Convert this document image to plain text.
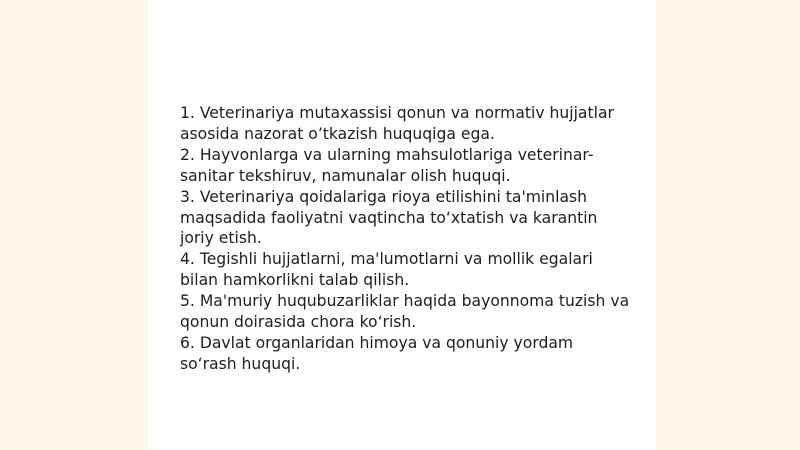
1. Veterinariya mutaxassisi qonun va normativ hujjatlar asosida nazorat o’tkazish huquqiga ega.
2. Hayvonlarga va ularning mahsulotlariga veterinar-sanitar tekshiruv, namunalar olish huquqi.
3. Veterinariya qoidalariga rioya etilishini ta'minlash maqsadida faoliyatni vaqtincha to‘xtatish va karantin joriy etish.
4. Tegishli hujjatlarni, ma'lumotlarni va mollik egalari bilan hamkorlikni talab qilish.
5. Ma'muriy huqubuzarliklar haqida bayonnoma tuzish va qonun doirasida chora ko‘rish.
6. Davlat organlaridan himoya va qonuniy yordam so‘rash huquqi.
